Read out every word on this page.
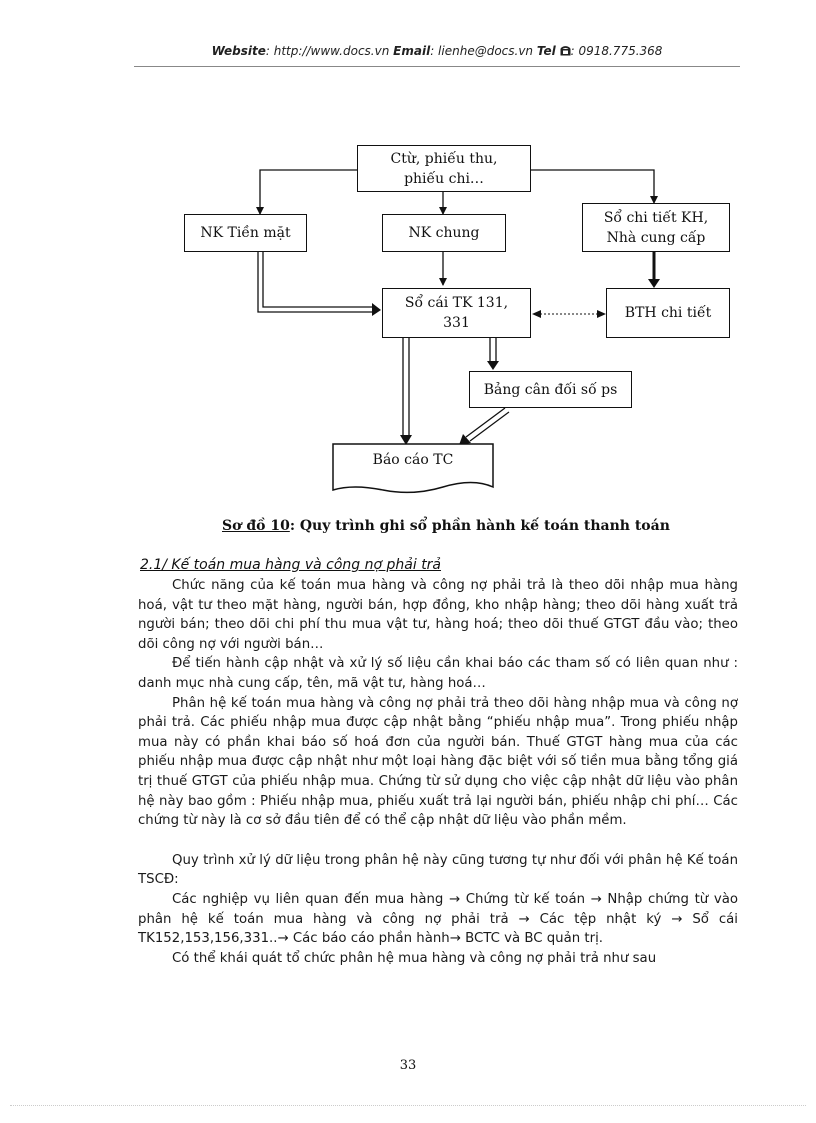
Website: http://www.docs.vn Email: lienhe@docs.vn Tel : 0918.775.368
Ctừ, phiếu thu, phiếu chi…
NK Tiền mặt	NK chung
Sổ chi tiết KH, Nhà cung cấp
Sổ cái TK 131, 331
BTH chi tiết
Bảng cân đối số ps
Báo cáo TC
Sơ đồ 10: Quy trình ghi sổ phần hành kế toán thanh toán
2.1/ Kế toán mua hàng và công nợ phải trả

Chức năng của kế toán mua hàng và công nợ phải trả là theo dõi nhập mua hàng hoá, vật tư theo mặt hàng, người bán, hợp đồng, kho nhập hàng; theo dõi hàng xuất trả người bán; theo dõi chi phí thu mua vật tư, hàng hoá; theo dõi thuế GTGT đầu vào; theo dõi công nợ với người bán…

Để tiến hành cập nhật và xử lý số liệu cần khai báo các tham số có liên quan như : danh mục nhà cung cấp, tên, mã vật tư, hàng hoá…

Phân hệ kế toán mua hàng và công nợ phải trả theo dõi hàng nhập mua và công nợ phải trả. Các phiếu nhập mua được cập nhật bằng “phiếu nhập mua”. Trong phiếu nhập mua này có phần khai báo số hoá đơn của người bán. Thuế GTGT hàng mua của các phiếu nhập mua được cập nhật như một loại hàng đặc biệt với số tiền mua bằng tổng giá trị thuế GTGT của phiếu nhập mua. Chứng từ sử dụng cho việc cập nhật dữ liệu vào phân hệ này bao gồm : Phiếu nhập mua, phiếu xuất trả lại người bán, phiếu nhập chi phí… Các chứng từ này là cơ sở đầu tiên để có thể cập nhật dữ liệu vào phần mềm.

Quy trình xử lý dữ liệu trong phân hệ này cũng tương tự như đối với phân hệ Kế toán TSCĐ:

Các nghiệp vụ liên quan đến mua hàng → Chứng từ kế toán → Nhập chứng từ vào phân hệ kế toán mua hàng và công nợ phải trả → Các tệp nhật ký → Sổ cái TK152,153,156,331..→ Các báo cáo phần hành→ BCTC và BC quản trị.

Có thể khái quát tổ chức phân hệ mua hàng và công nợ phải trả như sau

33
